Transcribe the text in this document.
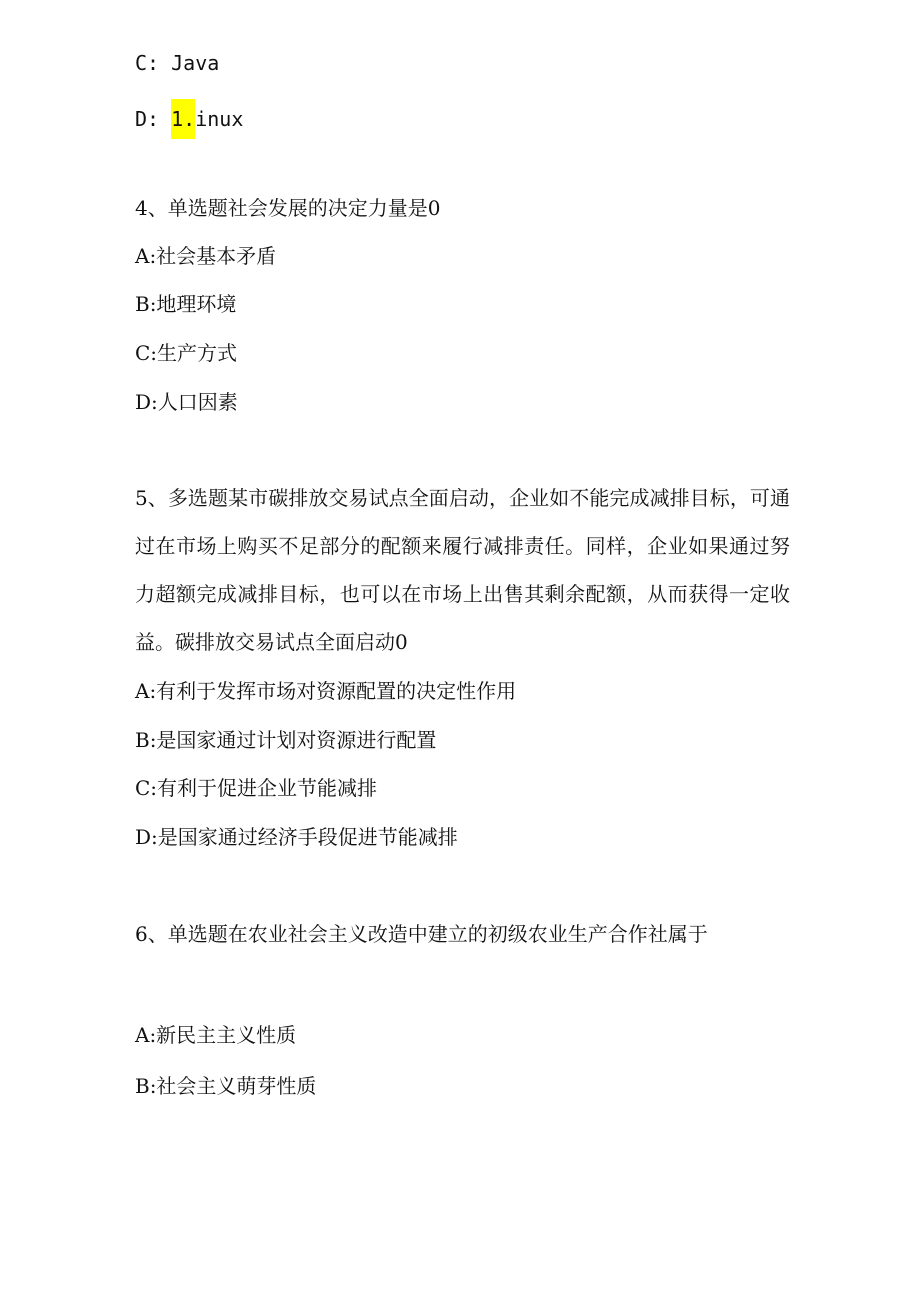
C: Java
D: 1.inux
4、单选题社会发展的决定力量是0
A:社会基本矛盾
B:地理环境
C:生产方式
D:人口因素
5、多选题某市碳排放交易试点全面启动，企业如不能完成减排目标，可通过在市场上购买不足部分的配额来履行减排责任。同样，企业如果通过努力超额完成减排目标，也可以在市场上出售其剩余配额，从而获得一定收益。碳排放交易试点全面启动0
A:有利于发挥市场对资源配置的决定性作用
B:是国家通过计划对资源进行配置
C:有利于促进企业节能减排
D:是国家通过经济手段促进节能减排
6、单选题在农业社会主义改造中建立的初级农业生产合作社属于
A:新民主主义性质
B:社会主义萌芽性质
